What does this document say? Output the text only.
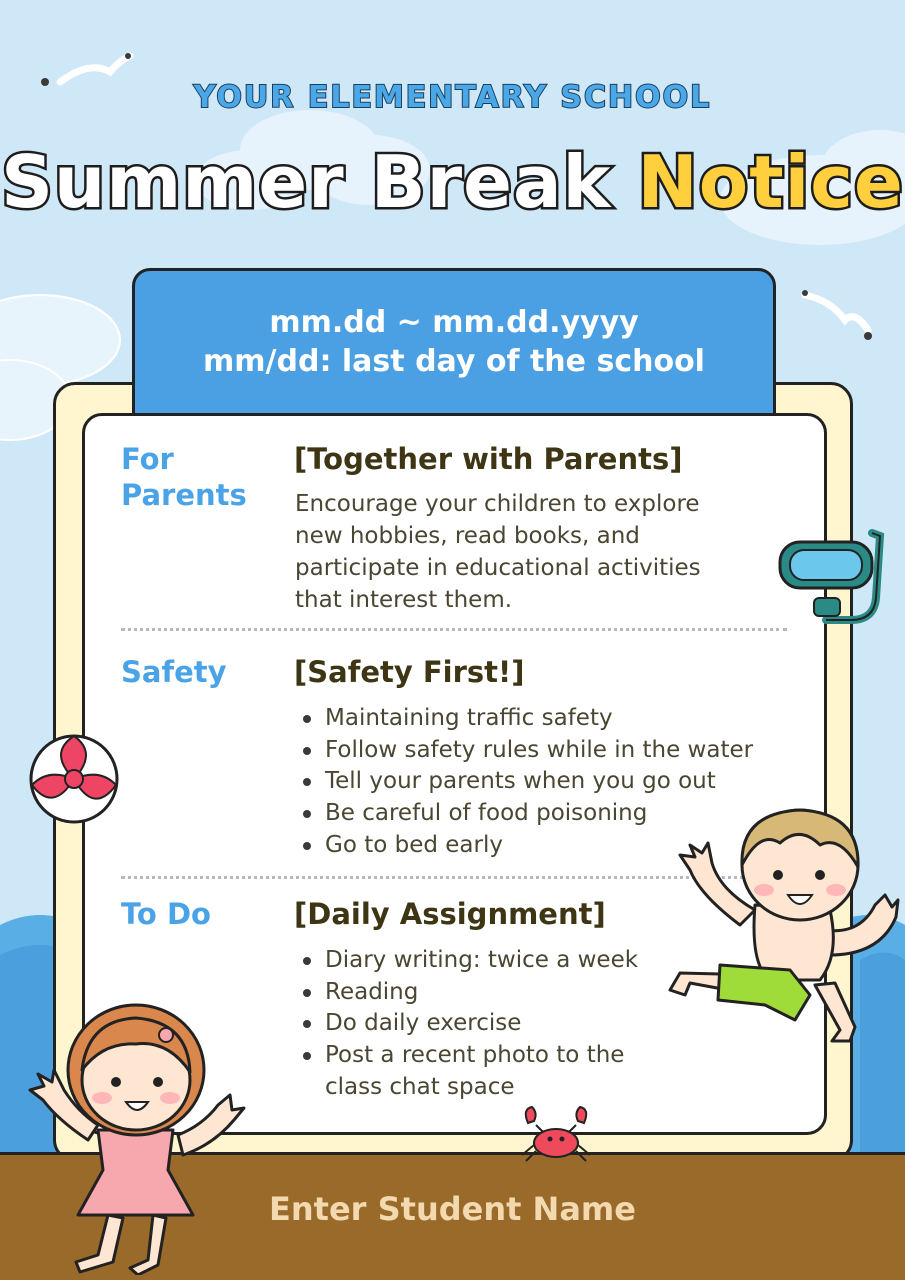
YOUR ELEMENTARY SCHOOL
Summer Break Notice
mm.dd ~ mm.dd.yyyy
mm/dd: last day of the school
For
Parents
[Together with Parents]
Encourage your children to explore new hobbies, read books, and participate in educational activities that interest them.
Safety [Safety First!]
Maintaining traffic safety
Follow safety rules while in the water
Tell your parents when you go out
Be careful of food poisoning
Go to bed early
To Do	[Daily Assignment]
Diary writing: twice a week
Reading
Do daily exercise
Post a recent photo to the class chat space
Enter Student Name
